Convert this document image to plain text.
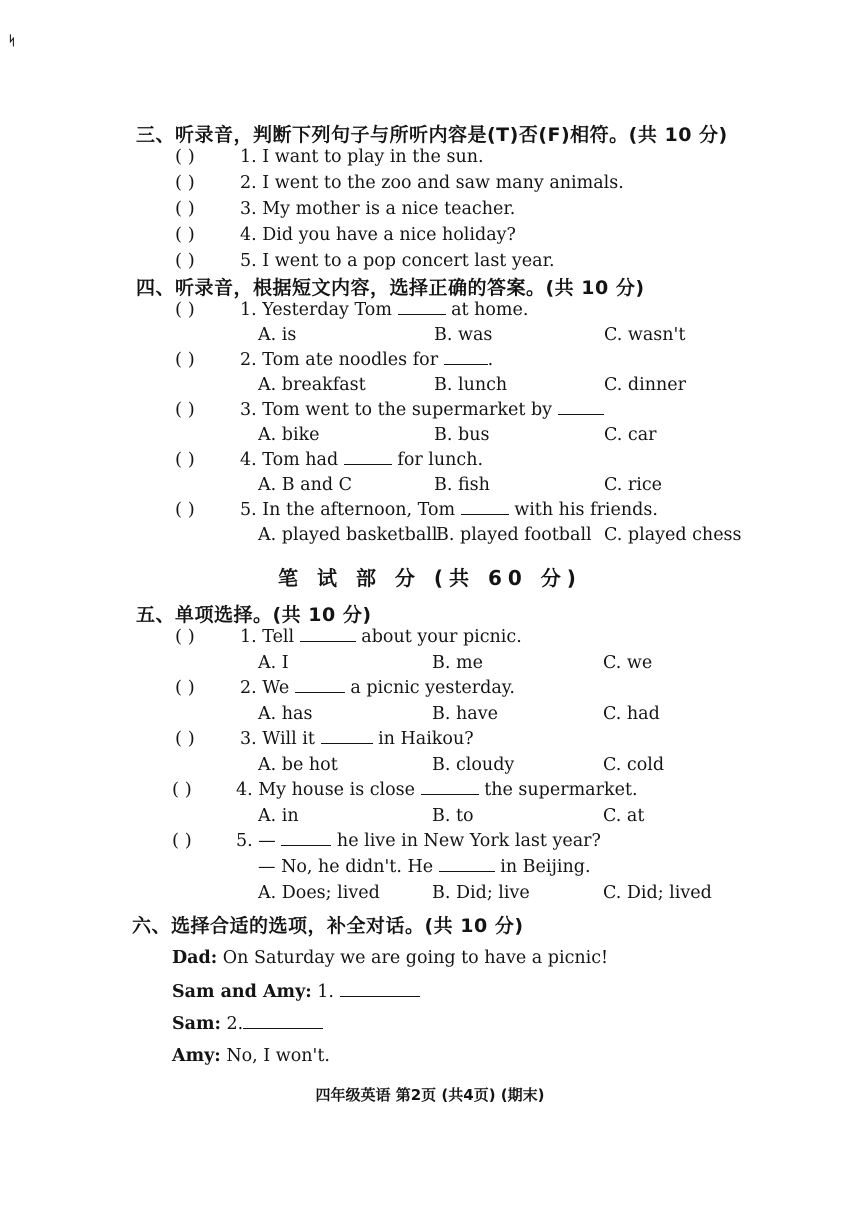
ᛋ
三、听录音，判断下列句子与所听内容是(T)否(F)相符。(共 10 分)
( )	1. I want to play in the sun.
( )	2. I went to the zoo and saw many animals.
( )	3. My mother is a nice teacher.
( )	4. Did you have a nice holiday?
( )	5. I went to a pop concert last year.
四、听录音，根据短文内容，选择正确的答案。(共 10 分)
( )	1. Yesterday Tom	at home.
A. is	B. was	C. wasn't
( )	2. Tom ate noodles for	.
A. breakfast	B. lunch	C. dinner
( )	3. Tom went to the supermarket by
A. bike	B. bus	C. car
( )	4. Tom had	for lunch.
A. B and C	B. fish	C. rice
( )	5. In the afternoon, Tom	with his friends.
A. played basketball
B. played football C. played chess
笔 试 部 分 (共 60 分)
五、单项选择。(共 10 分)
( )	1. Tell	about your picnic.
A. I	B. me	C. we
( )	2. We	a picnic yesterday.
A. has	B. have	C. had
( )	3. Will it	in Haikou?
A. be hot	B. cloudy	C. cold
( )	4. My house is close	the supermarket.
A. in	B. to	C. at
( )	5. —	he live in New York last year?
— No, he didn't. He	in Beijing.
A. Does; lived	B. Did; live	C. Did; lived
六、选择合适的选项，补全对话。(共 10 分)
Dad: On Saturday we are going to have a picnic!
Sam and Amy: 1.
Sam: 2.
Amy: No, I won't.
四年级英语 第2页 (共4页) (期末)
